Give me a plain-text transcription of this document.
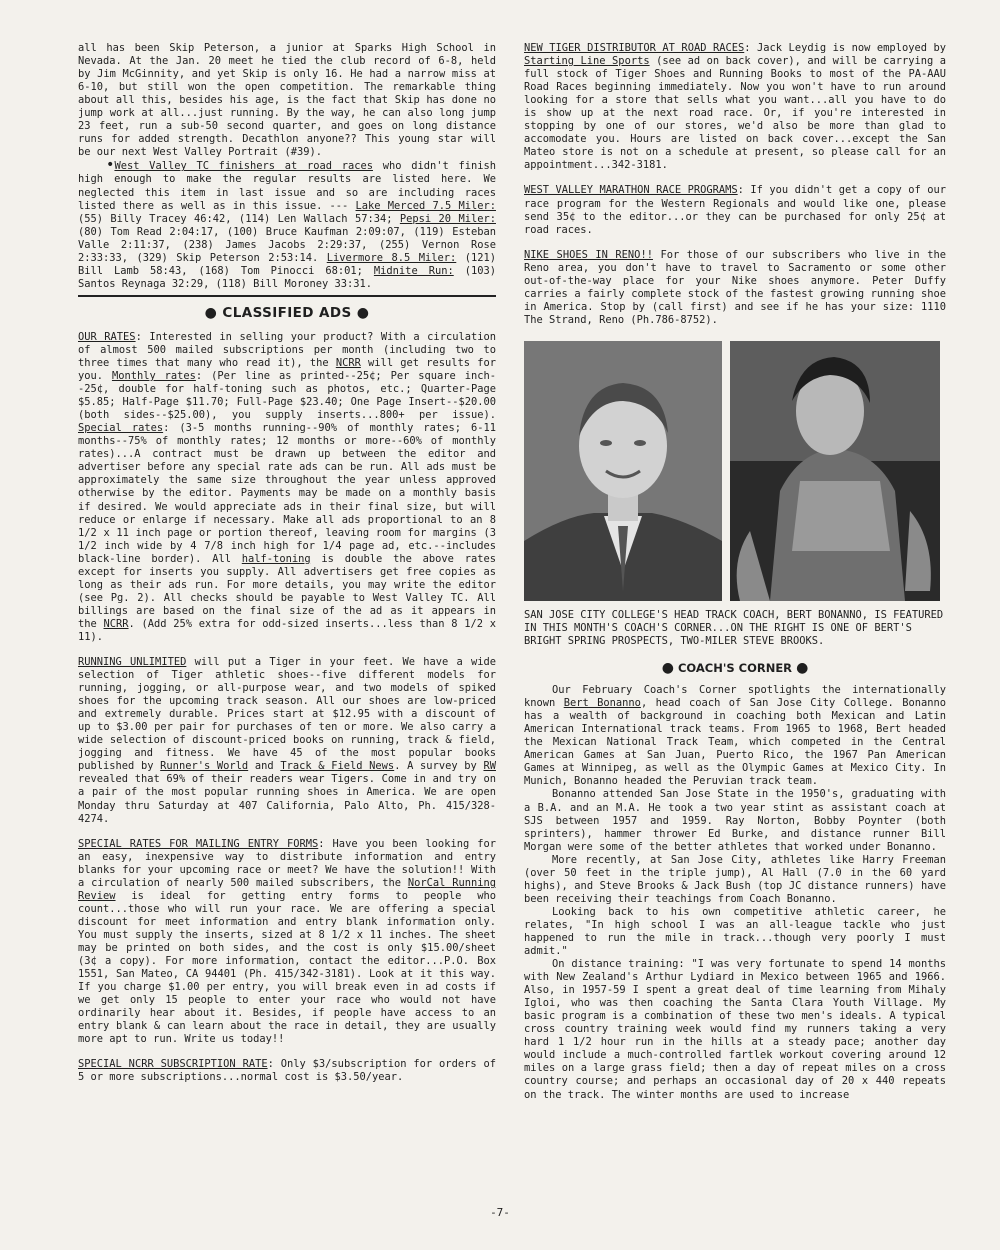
all has been Skip Peterson, a junior at Sparks High School in Nevada. At the Jan. 20 meet he tied the club record of 6-8, held by Jim McGinnity, and yet Skip is only 16. He had a narrow miss at 6-10, but still won the open competition. The remarkable thing about all this, besides his age, is the fact that Skip has done no jump work at all...just running. By the way, he can also long jump 23 feet, run a sub-50 second quarter, and goes on long distance runs for added strength. Decathlon anyone?? This young star will be our next West Valley Portrait (#39).

•West Valley TC finishers at road races who didn't finish high enough to make the regular results are listed here. We neglected this item in last issue and so are including races listed there as well as in this issue. --- Lake Merced 7.5 Miler: (55) Billy Tracey 46:42, (114) Len Wallach 57:34; Pepsi 20 Miler: (80) Tom Read 2:04:17, (100) Bruce Kaufman 2:09:07, (119) Esteban Valle 2:11:37, (238) James Jacobs 2:29:37, (255) Vernon Rose 2:33:33, (329) Skip Peterson 2:53:14. Livermore 8.5 Miler: (121) Bill Lamb 58:43, (168) Tom Pinocci 68:01; Midnite Run: (103) Santos Reynaga 32:29, (118) Bill Moroney 33:31.

● CLASSIFIED ADS ●

OUR RATES: Interested in selling your product? With a circulation of almost 500 mailed subscriptions per month (including two to three times that many who read it), the NCRR will get results for you. Monthly rates: (Per line as printed--25¢; Per square inch--25¢, double for half-toning such as photos, etc.; Quarter-Page $5.85; Half-Page $11.70; Full-Page $23.40; One Page Insert--$20.00 (both sides--$25.00), you supply inserts...800+ per issue). Special rates: (3-5 months running--90% of monthly rates; 6-11 months--75% of monthly rates; 12 months or more--60% of monthly rates)...A contract must be drawn up between the editor and advertiser before any special rate ads can be run. All ads must be approximately the same size throughout the year unless approved otherwise by the editor. Payments may be made on a monthly basis if desired. We would appreciate ads in their final size, but will reduce or enlarge if necessary. Make all ads proportional to an 8 1/2 x 11 inch page or portion thereof, leaving room for margins (3 1/2 inch wide by 4 7/8 inch high for 1/4 page ad, etc.--includes black-line border). All half-toning is double the above rates except for inserts you supply. All advertisers get free copies as long as their ads run. For more details, you may write the editor (see Pg. 2). All checks should be payable to West Valley TC. All billings are based on the final size of the ad as it appears in the NCRR. (Add 25% extra for odd-sized inserts...less than 8 1/2 x 11).

RUNNING UNLIMITED will put a Tiger in your feet. We have a wide selection of Tiger athletic shoes--five different models for running, jogging, or all-purpose wear, and two models of spiked shoes for the upcoming track season. All our shoes are low-priced and extremely durable. Prices start at $12.95 with a discount of up to $3.00 per pair for purchases of ten or more. We also carry a wide selection of discount-priced books on running, track & field, jogging and fitness. We have 45 of the most popular books published by Runner's World and Track & Field News. A survey by RW revealed that 69% of their readers wear Tigers. Come in and try on a pair of the most popular running shoes in America. We are open Monday thru Saturday at 407 California, Palo Alto, Ph. 415/328-4274.

SPECIAL RATES FOR MAILING ENTRY FORMS: Have you been looking for an easy, inexpensive way to distribute information and entry blanks for your upcoming race or meet? We have the solution!! With a circulation of nearly 500 mailed subscribers, the NorCal Running Review is ideal for getting entry forms to people who count...those who will run your race. We are offering a special discount for meet information and entry blank information only. You must supply the inserts, sized at 8 1/2 x 11 inches. The sheet may be printed on both sides, and the cost is only $15.00/sheet (3¢ a copy). For more information, contact the editor...P.O. Box 1551, San Mateo, CA 94401 (Ph. 415/342-3181). Look at it this way. If you charge $1.00 per entry, you will break even in ad costs if we get only 15 people to enter your race who would not have ordinarily hear about it. Besides, if people have access to an entry blank & can learn about the race in detail, they are usually more apt to run. Write us today!!

SPECIAL NCRR SUBSCRIPTION RATE: Only $3/subscription for orders of 5 or more subscriptions...normal cost is $3.50/year.

NEW TIGER DISTRIBUTOR AT ROAD RACES: Jack Leydig is now employed by Starting Line Sports (see ad on back cover), and will be carrying a full stock of Tiger Shoes and Running Books to most of the PA-AAU Road Races beginning immediately. Now you won't have to run around looking for a store that sells what you want...all you have to do is show up at the next road race. Or, if you're interested in stopping by one of our stores, we'd also be more than glad to accomodate you. Hours are listed on back cover...except the San Mateo store is not on a schedule at present, so please call for an appointment...342-3181.

WEST VALLEY MARATHON RACE PROGRAMS: If you didn't get a copy of our race program for the Western Regionals and would like one, please send 35¢ to the editor...or they can be purchased for only 25¢ at road races.

NIKE SHOES IN RENO!! For those of our subscribers who live in the Reno area, you don't have to travel to Sacramento or some other out-of-the-way place for your Nike shoes anymore. Peter Duffy carries a fairly complete stock of the fastest growing running shoe in America. Stop by (call first) and see if he has your size: 1110 The Strand, Reno (Ph.786-8752).

SAN JOSE CITY COLLEGE'S HEAD TRACK COACH, BERT BONANNO, IS FEATURED IN THIS MONTH'S COACH'S CORNER...ON THE RIGHT IS ONE OF BERT'S BRIGHT SPRING PROSPECTS, TWO-MILER STEVE BROOKS.
● COACH'S CORNER ●

Our February Coach's Corner spotlights the internationally known Bert Bonanno, head coach of San Jose City College. Bonanno has a wealth of background in coaching both Mexican and Latin American International track teams. From 1965 to 1968, Bert headed the Mexican National Track Team, which competed in the Central American Games at San Juan, Puerto Rico, the 1967 Pan American Games at Winnipeg, as well as the Olympic Games at Mexico City. In Munich, Bonanno headed the Peruvian track team.

Bonanno attended San Jose State in the 1950's, graduating with a B.A. and an M.A. He took a two year stint as assistant coach at SJS between 1957 and 1959. Ray Norton, Bobby Poynter (both sprinters), hammer thrower Ed Burke, and distance runner Bill Morgan were some of the better athletes that worked under Bonanno.

More recently, at San Jose City, athletes like Harry Freeman (over 50 feet in the triple jump), Al Hall (7.0 in the 60 yard highs), and Steve Brooks & Jack Bush (top JC distance runners) have been receiving their teachings from Coach Bonanno.

Looking back to his own competitive athletic career, he relates, "In high school I was an all-league tackle who just happened to run the mile in track...though very poorly I must admit."

On distance training: "I was very fortunate to spend 14 months with New Zealand's Arthur Lydiard in Mexico between 1965 and 1966. Also, in 1957-59 I spent a great deal of time learning from Mihaly Igloi, who was then coaching the Santa Clara Youth Village. My basic program is a combination of these two men's ideals. A typical cross country training week would find my runners taking a very hard 1 1/2 hour run in the hills at a steady pace; another day would include a much-controlled fartlek workout covering around 12 miles on a large grass field; then a day of repeat miles on a cross country course; and perhaps an occasional day of 20 x 440 repeats on the track. The winter months are used to increase

-7-
